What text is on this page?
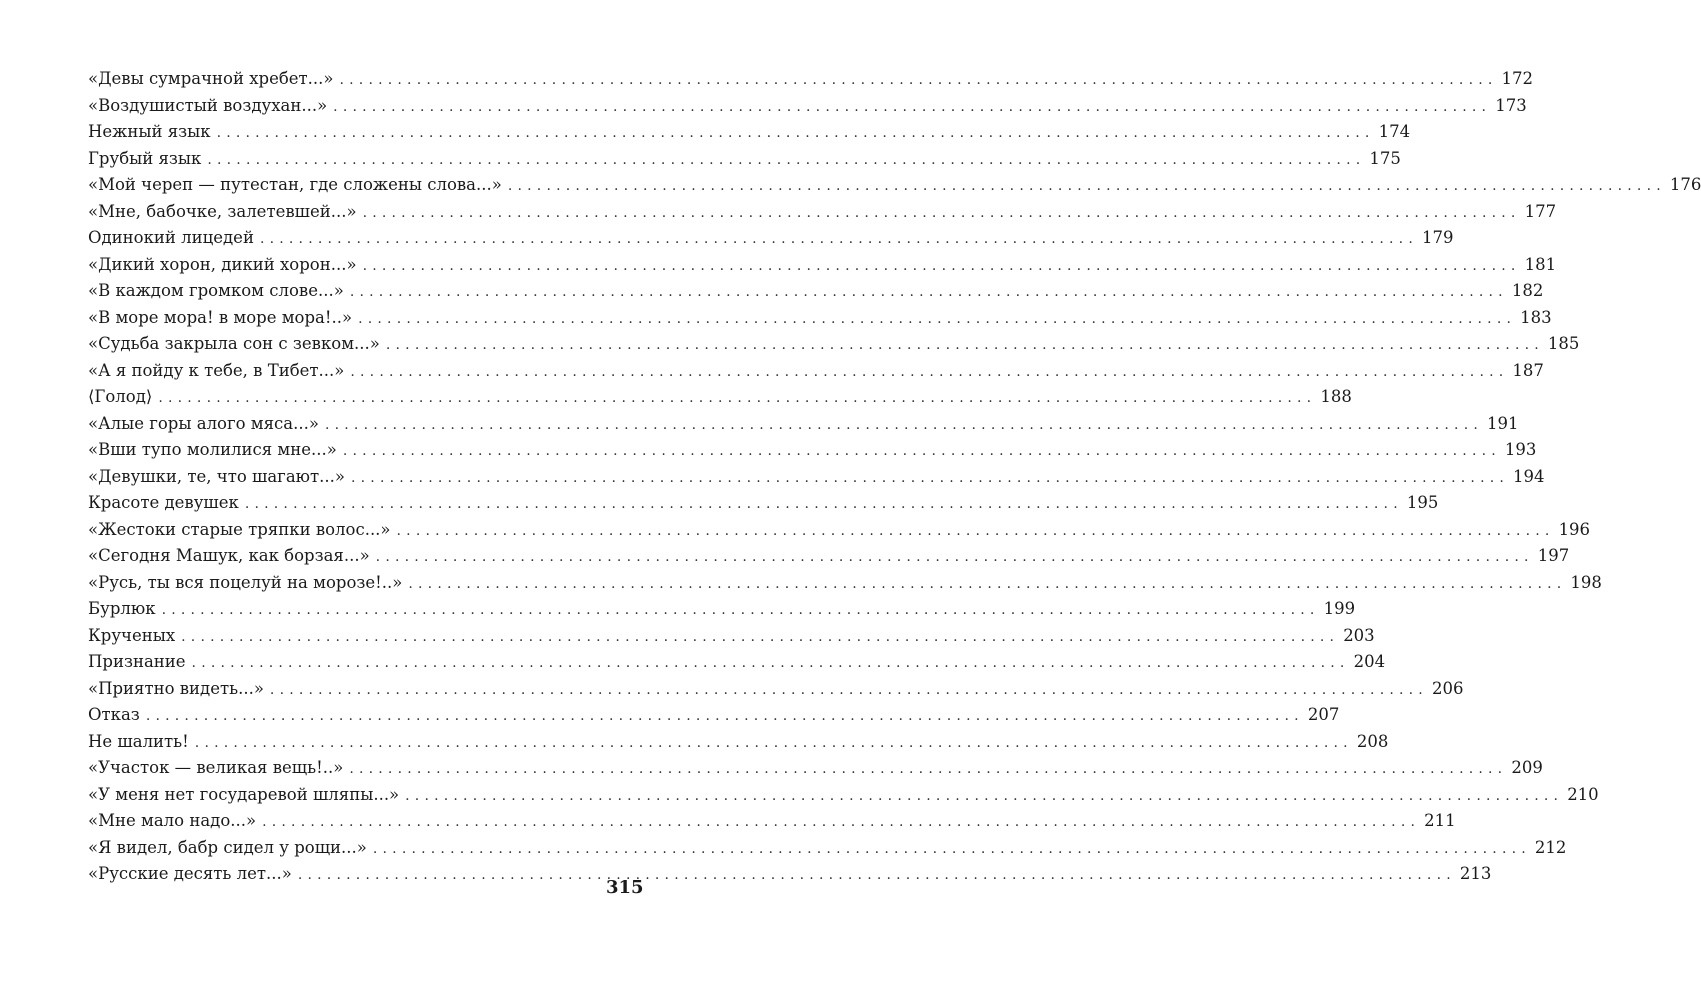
«Девы сумрачной хребет...» ........................................................................................................................ 172
«Воздушистый воздухан...» ........................................................................................................................ 173
Нежный язык ........................................................................................................................ 174
Грубый язык ........................................................................................................................ 175
«Мой череп — путестан, где сложены слова...» ........................................................................................................................ 176
«Мне, бабочке, залетевшей...» ........................................................................................................................ 177
Одинокий лицедей ........................................................................................................................ 179
«Дикий хорон, дикий хорон...» ........................................................................................................................ 181
«В каждом громком слове...» ........................................................................................................................ 182
«В море мора! в море мора!..» ........................................................................................................................ 183
«Судьба закрыла сон с зевком...» ........................................................................................................................ 185
«А я пойду к тебе, в Тибет...» ........................................................................................................................ 187
⟨Голод⟩ ........................................................................................................................ 188
«Алые горы алого мяса...» ........................................................................................................................ 191
«Вши тупо молилися мне...» ........................................................................................................................ 193
«Девушки, те, что шагают...» ........................................................................................................................ 194
Красоте девушек ........................................................................................................................ 195
«Жестоки старые тряпки волос...» ........................................................................................................................ 196
«Сегодня Машук, как борзая...» ........................................................................................................................ 197
«Русь, ты вся поцелуй на морозе!..» ........................................................................................................................ 198
Бурлюк ........................................................................................................................ 199
Крученых ........................................................................................................................ 203
Признание ........................................................................................................................ 204
«Приятно видеть...» ........................................................................................................................ 206
Отказ ........................................................................................................................ 207
Не шалить! ........................................................................................................................ 208
«Участок — великая вещь!..» ........................................................................................................................ 209
«У меня нет государевой шляпы...» ........................................................................................................................ 210
«Мне мало надо...» ........................................................................................................................ 211
«Я видел, бабр сидел у рощи...» ........................................................................................................................ 212
«Русские десять лет...» ........................................................................................................................ 213
315
